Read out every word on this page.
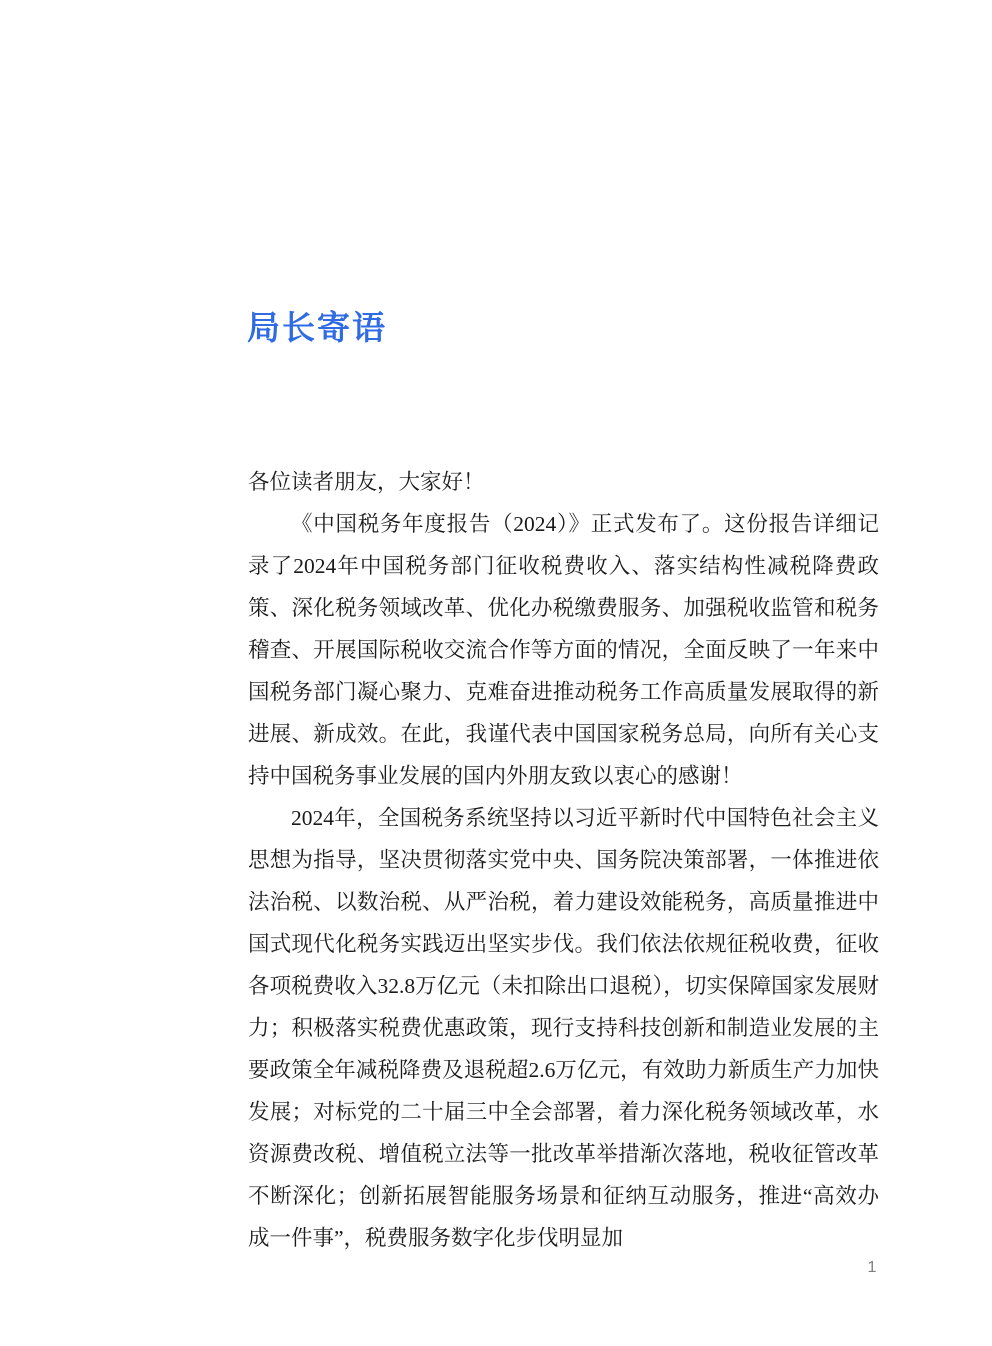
局长寄语

各位读者朋友，大家好！

《中国税务年度报告（2024）》正式发布了。这份报告详细记录了2024年中国税务部门征收税费收入、落实结构性减税降费政策、深化税务领域改革、优化办税缴费服务、加强税收监管和税务稽查、开展国际税收交流合作等方面的情况，全面反映了一年来中国税务部门凝心聚力、克难奋进推动税务工作高质量发展取得的新进展、新成效。在此，我谨代表中国国家税务总局，向所有关心支持中国税务事业发展的国内外朋友致以衷心的感谢！

2024年，全国税务系统坚持以习近平新时代中国特色社会主义思想为指导，坚决贯彻落实党中央、国务院决策部署，一体推进依法治税、以数治税、从严治税，着力建设效能税务，高质量推进中国式现代化税务实践迈出坚实步伐。我们依法依规征税收费，征收各项税费收入32.8万亿元（未扣除出口退税），切实保障国家发展财力；积极落实税费优惠政策，现行支持科技创新和制造业发展的主要政策全年减税降费及退税超2.6万亿元，有效助力新质生产力加快发展；对标党的二十届三中全会部署，着力深化税务领域改革，水资源费改税、增值税立法等一批改革举措渐次落地，税收征管改革不断深化；创新拓展智能服务场景和征纳互动服务，推进“高效办成一件事”，税费服务数字化步伐明显加

1
